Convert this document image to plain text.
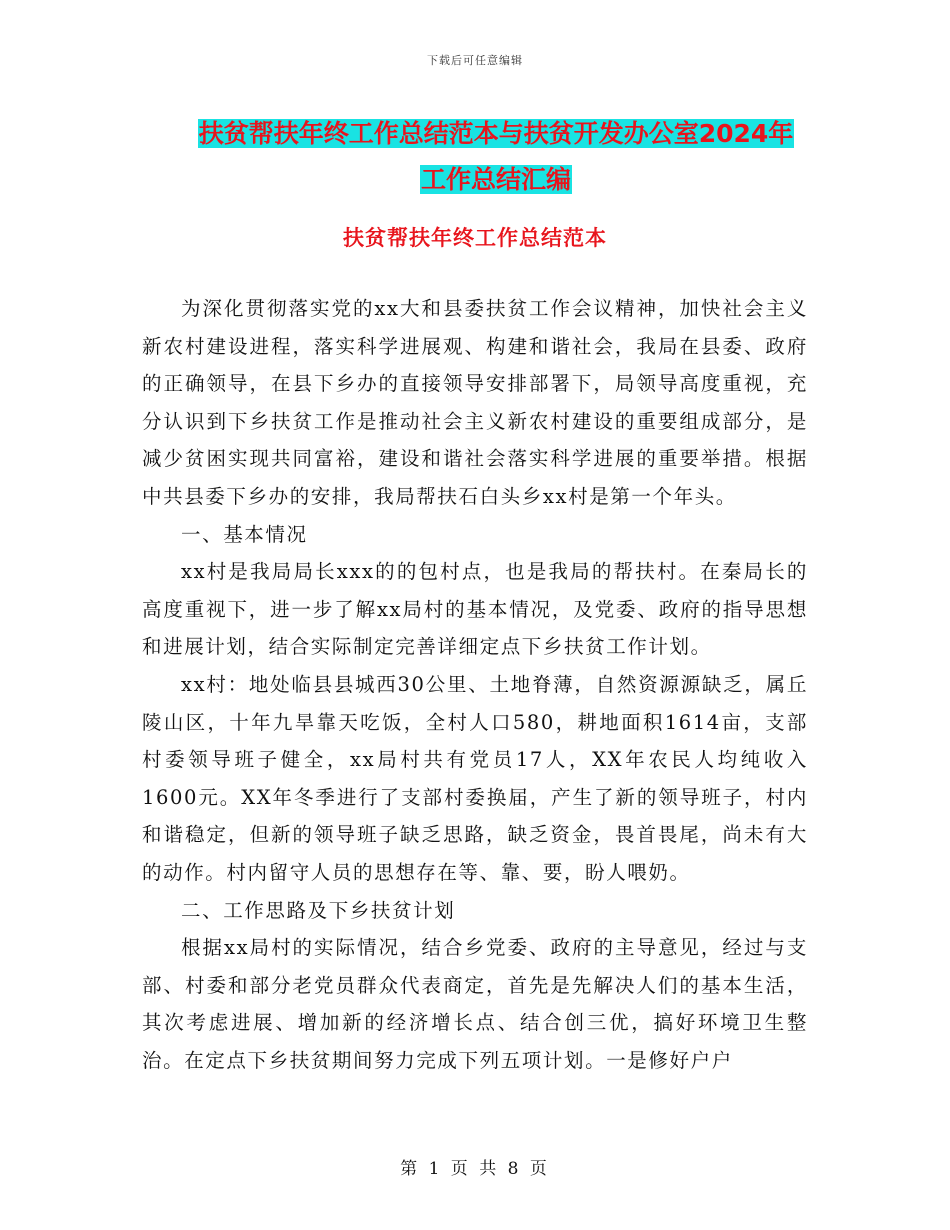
下载后可任意编辑
扶贫帮扶年终工作总结范本与扶贫开发办公室2024年
工作总结汇编
扶贫帮扶年终工作总结范本

为深化贯彻落实党的xx大和县委扶贫工作会议精神，加快社会主义新农村建设进程，落实科学进展观、构建和谐社会，我局在县委、政府的正确领导，在县下乡办的直接领导安排部署下，局领导高度重视，充分认识到下乡扶贫工作是推动社会主义新农村建设的重要组成部分，是减少贫困实现共同富裕，建设和谐社会落实科学进展的重要举措。根据中共县委下乡办的安排，我局帮扶石白头乡xx村是第一个年头。

一、基本情况

xx村是我局局长xxx的的包村点，也是我局的帮扶村。在秦局长的高度重视下，进一步了解xx局村的基本情况，及党委、政府的指导思想和进展计划，结合实际制定完善详细定点下乡扶贫工作计划。

xx村：地处临县县城西30公里、土地脊薄，自然资源源缺乏，属丘陵山区，十年九旱靠天吃饭，全村人口580，耕地面积1614亩，支部村委领导班子健全，xx局村共有党员17人，XX年农民人均纯收入1600元。XX年冬季进行了支部村委换届，产生了新的领导班子，村内和谐稳定，但新的领导班子缺乏思路，缺乏资金，畏首畏尾，尚未有大的动作。村内留守人员的思想存在等、靠、要，盼人喂奶。

二、工作思路及下乡扶贫计划

根据xx局村的实际情况，结合乡党委、政府的主导意见，经过与支部、村委和部分老党员群众代表商定，首先是先解决人们的基本生活，其次考虑进展、增加新的经济增长点、结合创三优，搞好环境卫生整治。在定点下乡扶贫期间努力完成下列五项计划。一是修好户户

第 1 页 共 8 页
